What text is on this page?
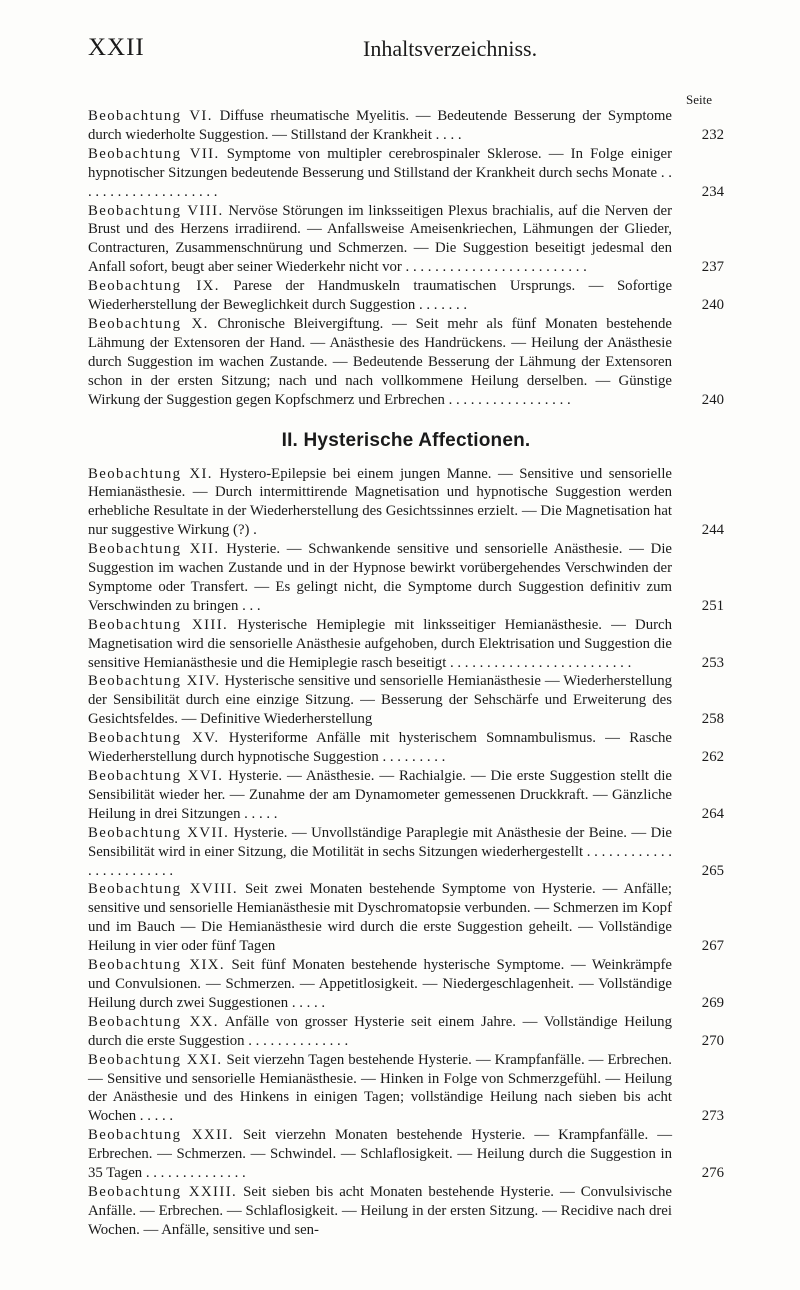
XXII	Inhaltsverzeichniss.
Seite
Beobachtung VI. Diffuse rheumatische Myelitis. — Bedeutende Besserung der Symptome durch wiederholte Suggestion. — Stillstand der Krankheit . . . .	232
Beobachtung VII. Symptome von multipler cerebrospinaler Sklerose. — In Folge einiger hypnotischer Sitzungen bedeutende Besserung und Stillstand der Krankheit durch sechs Monate . . . . . . . . . . . . . . . . . . . .	234
Beobachtung VIII. Nervöse Störungen im linksseitigen Plexus brachialis, auf die Nerven der Brust und des Herzens irradiirend. — Anfallsweise Ameisenkriechen, Lähmungen der Glieder, Contracturen, Zusammenschnürung und Schmerzen. — Die Suggestion beseitigt jedesmal den Anfall sofort, beugt aber seiner Wiederkehr nicht vor . . . . . . . . . . . . . . . . . . . . . . . . .	237
Beobachtung IX. Parese der Handmuskeln traumatischen Ursprungs. — Sofortige Wiederherstellung der Beweglichkeit durch Suggestion . . . . . . .	240
Beobachtung X. Chronische Bleivergiftung. — Seit mehr als fünf Monaten bestehende Lähmung der Extensoren der Hand. — Anästhesie des Handrückens. — Heilung der Anästhesie durch Suggestion im wachen Zustande. — Bedeutende Besserung der Lähmung der Extensoren schon in der ersten Sitzung; nach und nach vollkommene Heilung derselben. — Günstige Wirkung der Suggestion gegen Kopfschmerz und Erbrechen . . . . . . . . . . . . . . . . .	240
II. Hysterische Affectionen.
Beobachtung XI. Hystero-Epilepsie bei einem jungen Manne. — Sensitive und sensorielle Hemianästhesie. — Durch intermittirende Magnetisation und hypnotische Suggestion werden erhebliche Resultate in der Wiederherstellung des Gesichtssinnes erzielt. — Die Magnetisation hat nur suggestive Wirkung (?) .	244
Beobachtung XII. Hysterie. — Schwankende sensitive und sensorielle Anästhesie. — Die Suggestion im wachen Zustande und in der Hypnose bewirkt vorübergehendes Verschwinden der Symptome oder Transfert. — Es gelingt nicht, die Symptome durch Suggestion definitiv zum Verschwinden zu bringen . . .	251
Beobachtung XIII. Hysterische Hemiplegie mit linksseitiger Hemianästhesie. — Durch Magnetisation wird die sensorielle Anästhesie aufgehoben, durch Elektrisation und Suggestion die sensitive Hemianästhesie und die Hemiplegie rasch beseitigt . . . . . . . . . . . . . . . . . . . . . . . . .	253
Beobachtung XIV. Hysterische sensitive und sensorielle Hemianästhesie — Wiederherstellung der Sensibilität durch eine einzige Sitzung. — Besserung der Sehschärfe und Erweiterung des Gesichtsfeldes. — Definitive Wiederherstellung	258
Beobachtung XV. Hysteriforme Anfälle mit hysterischem Somnambulismus. — Rasche Wiederherstellung durch hypnotische Suggestion . . . . . . . . .	262
Beobachtung XVI. Hysterie. — Anästhesie. — Rachialgie. — Die erste Suggestion stellt die Sensibilität wieder her. — Zunahme der am Dynamometer gemessenen Druckkraft. — Gänzliche Heilung in drei Sitzungen . . . . .	264
Beobachtung XVII. Hysterie. — Unvollständige Paraplegie mit Anästhesie der Beine. — Die Sensibilität wird in einer Sitzung, die Motilität in sechs Sitzungen wiederhergestellt . . . . . . . . . . . . . . . . . . . . . . . .	265
Beobachtung XVIII. Seit zwei Monaten bestehende Symptome von Hysterie. — Anfälle; sensitive und sensorielle Hemianästhesie mit Dyschromatopsie verbunden. — Schmerzen im Kopf und im Bauch — Die Hemianästhesie wird durch die erste Suggestion geheilt. — Vollständige Heilung in vier oder fünf Tagen	267
Beobachtung XIX. Seit fünf Monaten bestehende hysterische Symptome. — Weinkrämpfe und Convulsionen. — Schmerzen. — Appetitlosigkeit. — Niedergeschlagenheit. — Vollständige Heilung durch zwei Suggestionen . . . . .	269
Beobachtung XX. Anfälle von grosser Hysterie seit einem Jahre. — Vollständige Heilung durch die erste Suggestion . . . . . . . . . . . . . .	270
Beobachtung XXI. Seit vierzehn Tagen bestehende Hysterie. — Krampfanfälle. — Erbrechen. — Sensitive und sensorielle Hemianästhesie. — Hinken in Folge von Schmerzgefühl. — Heilung der Anästhesie und des Hinkens in einigen Tagen; vollständige Heilung nach sieben bis acht Wochen . . . . .	273
Beobachtung XXII. Seit vierzehn Monaten bestehende Hysterie. — Krampfanfälle. — Erbrechen. — Schmerzen. — Schwindel. — Schlaflosigkeit. — Heilung durch die Suggestion in 35 Tagen . . . . . . . . . . . . . .	276
Beobachtung XXIII. Seit sieben bis acht Monaten bestehende Hysterie. — Convulsivische Anfälle. — Erbrechen. — Schlaflosigkeit. — Heilung in der ersten Sitzung. — Recidive nach drei Wochen. — Anfälle, sensitive und sen-
